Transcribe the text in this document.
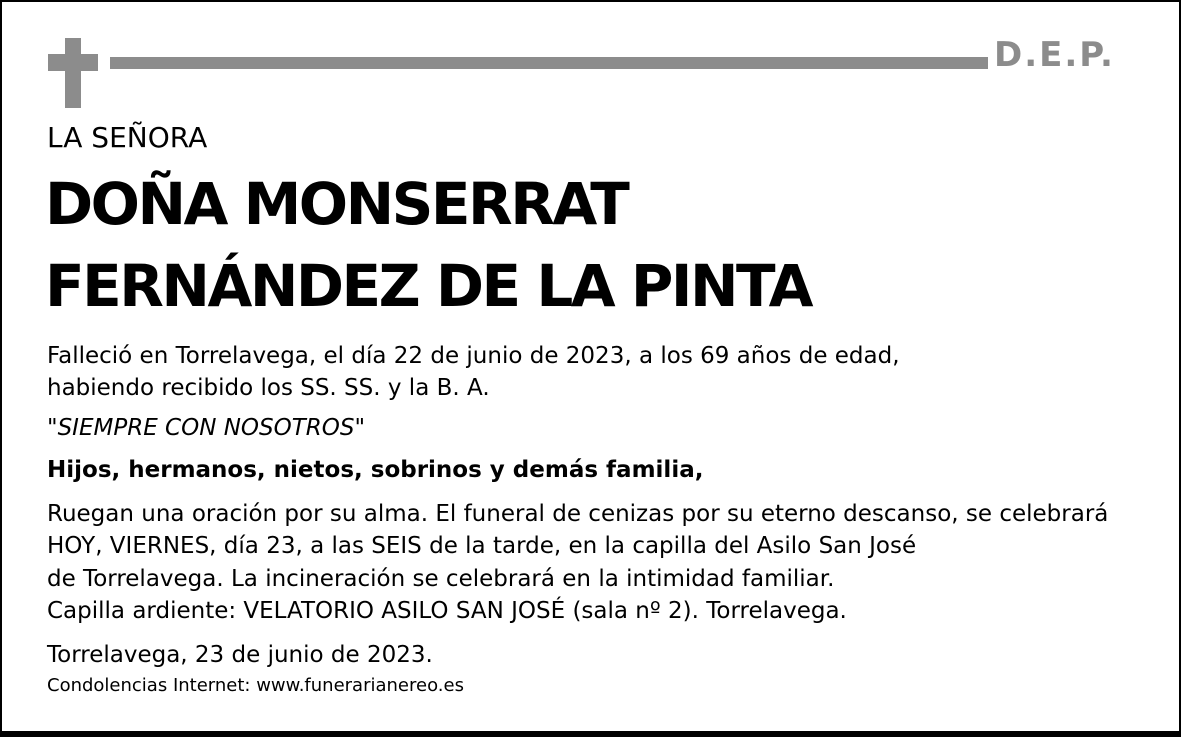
D.E.P.
LA SEÑORA
DOÑA MONSERRAT
FERNÁNDEZ DE LA PINTA
Falleció en Torrelavega, el día 22 de junio de 2023, a los 69 años de edad,
habiendo recibido los SS. SS. y la B. A.
"SIEMPRE CON NOSOTROS"
Hijos, hermanos, nietos, sobrinos y demás familia,
Ruegan una oración por su alma. El funeral de cenizas por su eterno descanso, se celebrará
HOY, VIERNES, día 23, a las SEIS de la tarde, en la capilla del Asilo San José
de Torrelavega. La incineración se celebrará en la intimidad familiar.
Capilla ardiente: VELATORIO ASILO SAN JOSÉ (sala nº 2). Torrelavega.
Torrelavega, 23 de junio de 2023.
Condolencias Internet: www.funerarianereo.es
